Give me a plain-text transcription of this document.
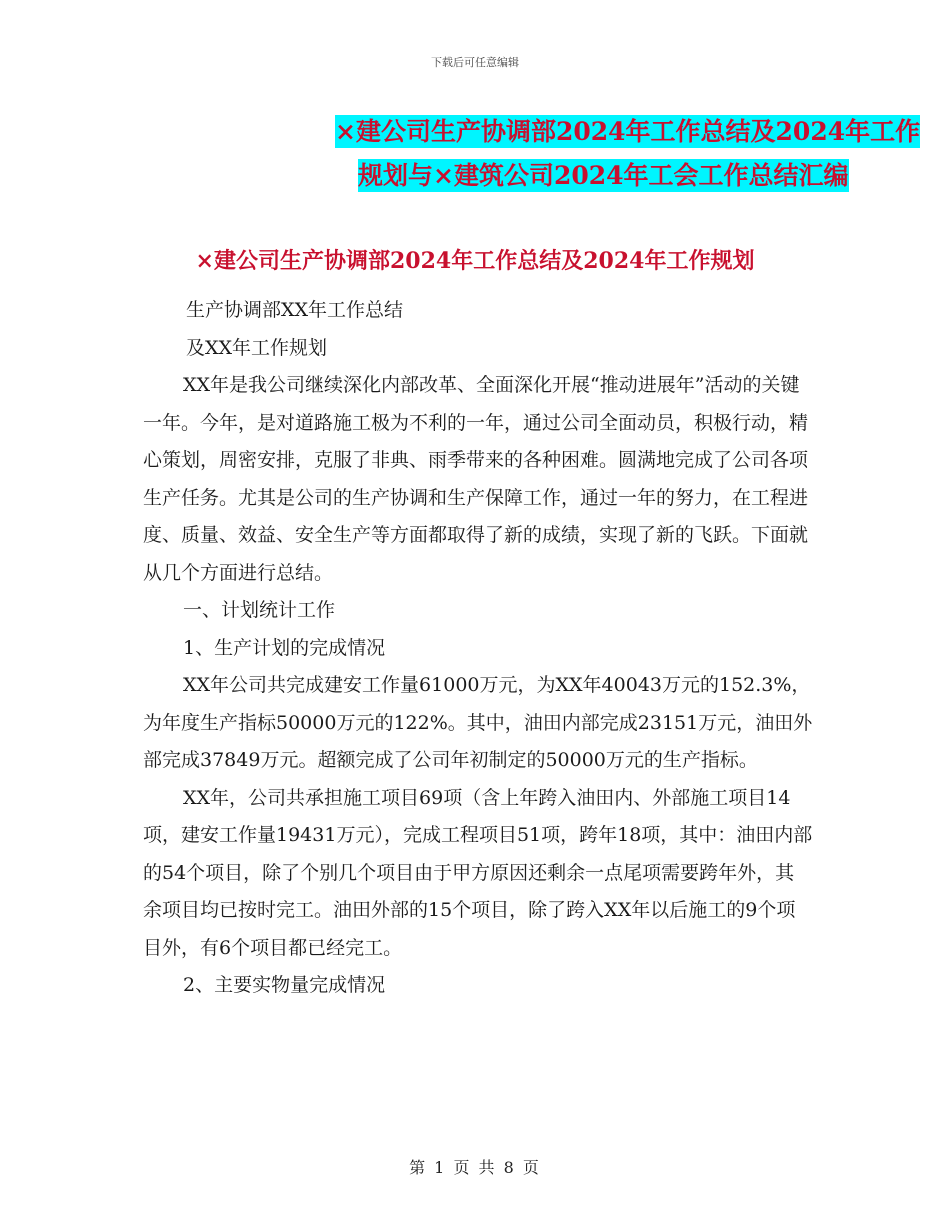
下载后可任意编辑
×建公司生产协调部2024年工作总结及2024年工作
规划与×建筑公司2024年工会工作总结汇编
×建公司生产协调部2024年工作总结及2024年工作规划

生产协调部XX年工作总结

及XX年工作规划

XX年是我公司继续深化内部改革、全面深化开展“推动进展年”活动的关键一年。今年，是对道路施工极为不利的一年，通过公司全面动员，积极行动，精心策划，周密安排，克服了非典、雨季带来的各种困难。圆满地完成了公司各项生产任务。尤其是公司的生产协调和生产保障工作，通过一年的努力，在工程进度、质量、效益、安全生产等方面都取得了新的成绩，实现了新的飞跃。下面就从几个方面进行总结。

一、计划统计工作

1、生产计划的完成情况

XX年公司共完成建安工作量61000万元，为XX年40043万元的152.3%，为年度生产指标50000万元的122%。其中，油田内部完成23151万元，油田外部完成37849万元。超额完成了公司年初制定的50000万元的生产指标。

XX年，公司共承担施工项目69项（含上年跨入油田内、外部施工项目14项，建安工作量19431万元），完成工程项目51项，跨年18项，其中：油田内部的54个项目，除了个别几个项目由于甲方原因还剩余一点尾项需要跨年外，其余项目均已按时完工。油田外部的15个项目，除了跨入XX年以后施工的9个项目外，有6个项目都已经完工。

2、主要实物量完成情况

第 1 页 共 8 页
